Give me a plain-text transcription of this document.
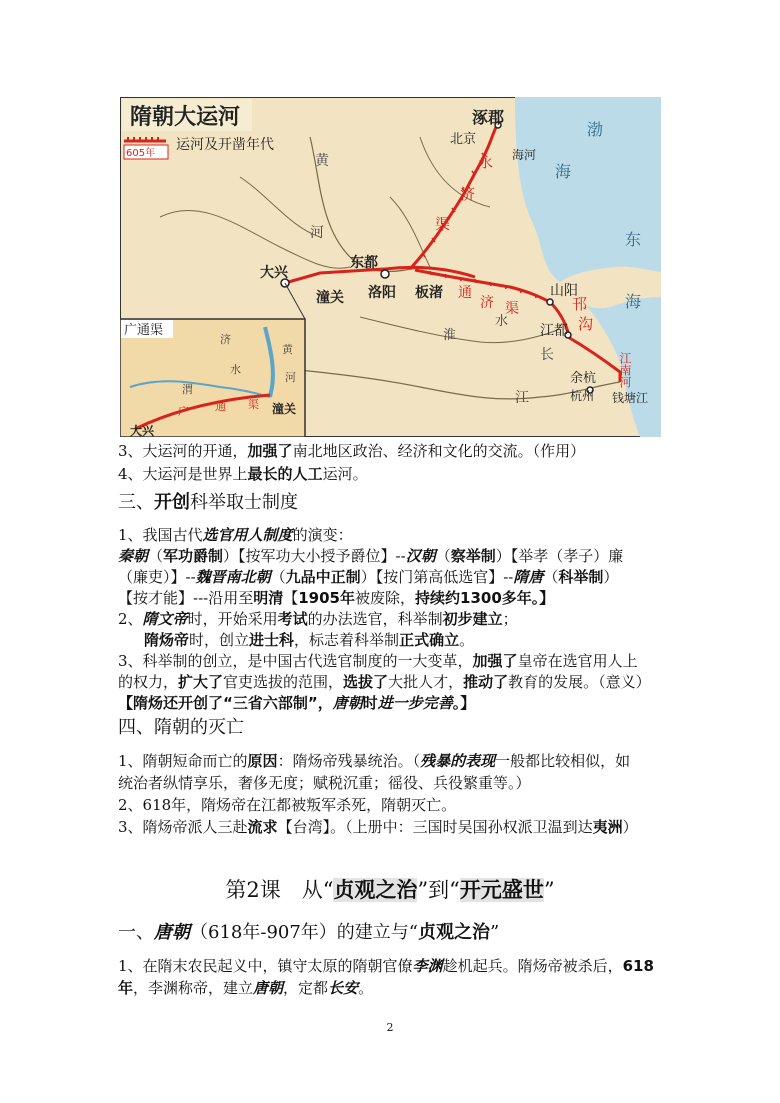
隋朝大运河
605年
运河及开凿年代
涿郡
北京
永
济
渠
海河
渤
海
东
海
黄
河
大兴
潼关
东都
洛阳 板渚 通
济 渠
淮
水
山阳
邗
沟
江都
长
江
江南河
余杭
杭州 钱塘江
广通渠
济
水
黄
河
渭
广 通 渠 潼关
大兴
3、大运河的开通，加强了南北地区政治、经济和文化的交流。（作用）
4、大运河是世界上最长的人工运河。
三、开创科举取士制度
1、我国古代选官用人制度的演变：
秦朝（军功爵制）【按军功大小授予爵位】--汉朝（察举制）【举孝（孝子）廉
（廉吏）】--魏晋南北朝（九品中正制）【按门第高低选官】--隋唐（科举制）
【按才能】---沿用至明清【1905年被废除，持续约1300多年。】
2、隋文帝时，开始采用考试的办法选官，科举制初步建立；
隋炀帝时，创立进士科，标志着科举制正式确立。
3、科举制的创立，是中国古代选官制度的一大变革，加强了皇帝在选官用人上
的权力，扩大了官吏选拔的范围，选拔了大批人才，推动了教育的发展。（意义）
【隋炀还开创了“三省六部制”，唐朝时进一步完善。】
四、隋朝的灭亡
1、隋朝短命而亡的原因：隋炀帝残暴统治。（残暴的表现一般都比较相似，如
统治者纵情享乐，奢侈无度；赋税沉重；徭役、兵役繁重等。）
2、618年，隋炀帝在江都被叛军杀死，隋朝灭亡。
3、隋炀帝派人三赴流求【台湾】。（上册中：三国时吴国孙权派卫温到达夷洲）
第2课　从“贞观之治”到“开元盛世”
一、唐朝（618年-907年）的建立与“贞观之治”
1、在隋末农民起义中，镇守太原的隋朝官僚李渊趁机起兵。隋炀帝被杀后，618
年，李渊称帝，建立唐朝，定都长安。
2
